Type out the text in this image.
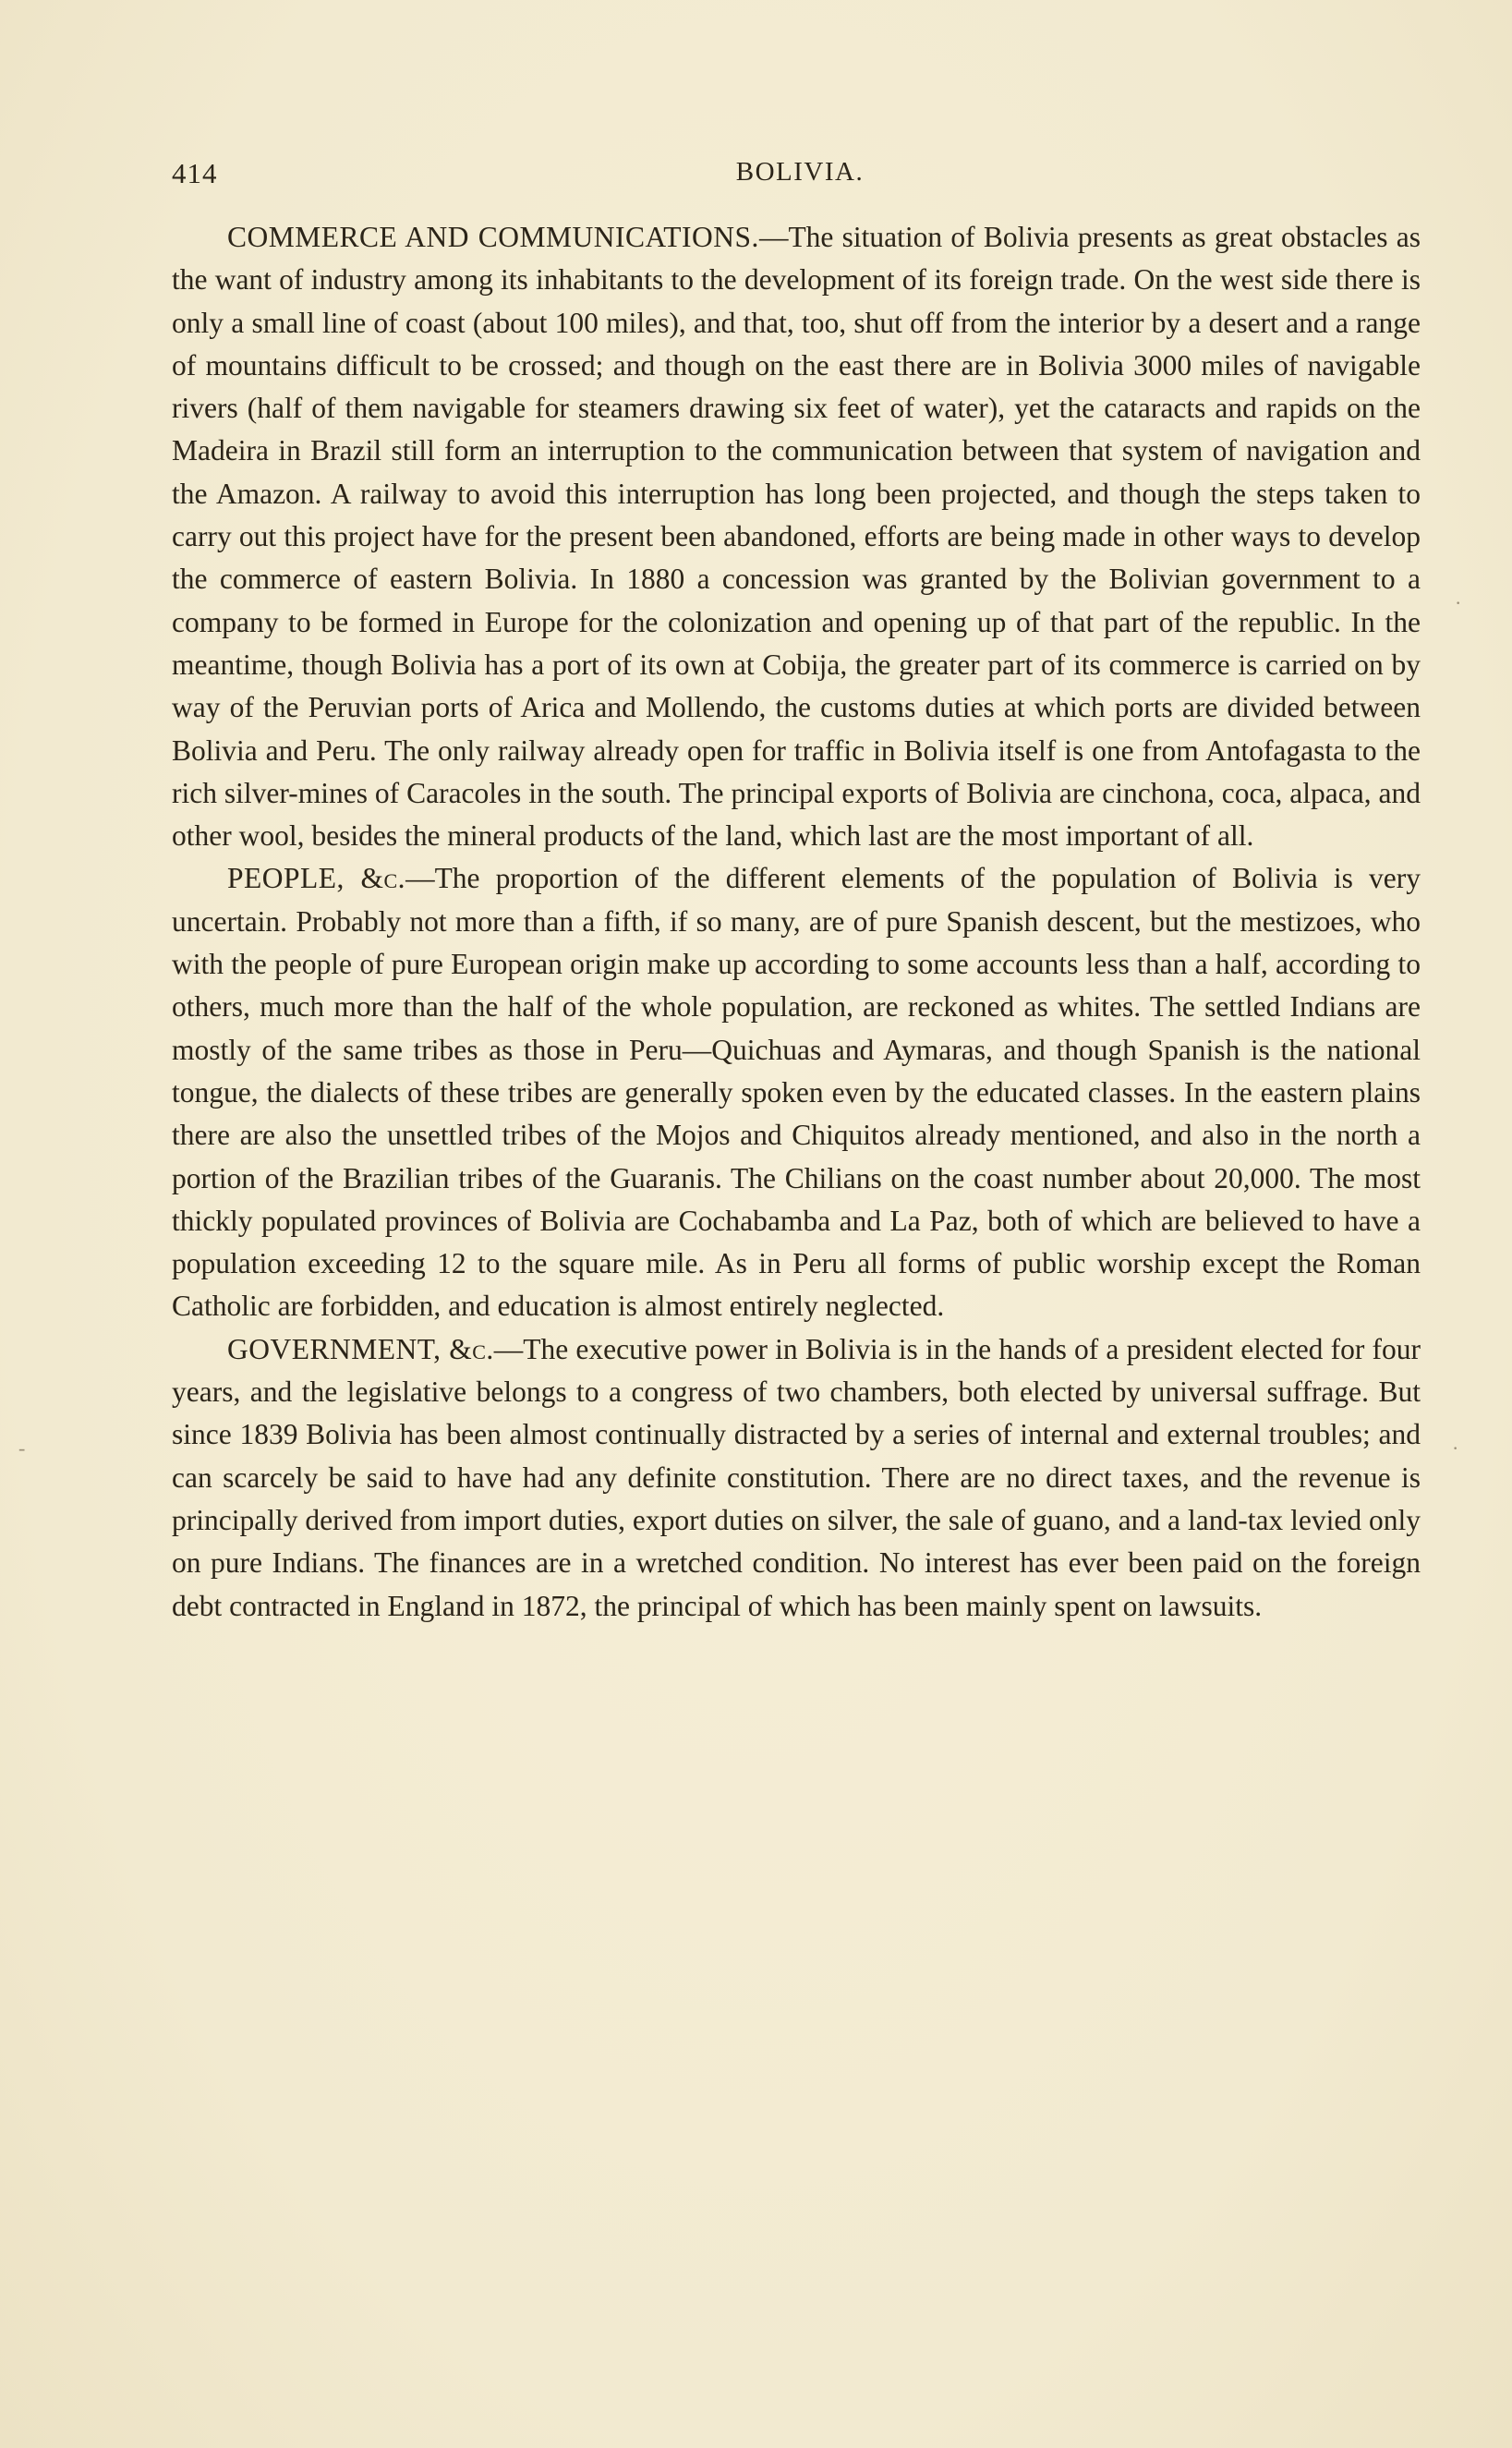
414	BOLIVIA.

COMMERCE AND COMMUNICATIONS.—The situation of Bolivia presents as great obstacles as the want of industry among its inhabitants to the development of its foreign trade. On the west side there is only a small line of coast (about 100 miles), and that, too, shut off from the interior by a desert and a range of mountains difficult to be crossed; and though on the east there are in Bolivia 3000 miles of navigable rivers (half of them navigable for steamers drawing six feet of water), yet the cataracts and rapids on the Madeira in Brazil still form an interruption to the communication between that system of navigation and the Amazon. A railway to avoid this interruption has long been projected, and though the steps taken to carry out this project have for the present been abandoned, efforts are being made in other ways to develop the commerce of eastern Bolivia. In 1880 a concession was granted by the Bolivian government to a company to be formed in Europe for the colonization and opening up of that part of the republic. In the meantime, though Bolivia has a port of its own at Cobija, the greater part of its commerce is carried on by way of the Peruvian ports of Arica and Mollendo, the customs duties at which ports are divided between Bolivia and Peru. The only railway already open for traffic in Bolivia itself is one from Antofagasta to the rich silver-mines of Caracoles in the south. The principal exports of Bolivia are cinchona, coca, alpaca, and other wool, besides the mineral products of the land, which last are the most important of all.

PEOPLE, &c.—The proportion of the different elements of the population of Bolivia is very uncertain. Probably not more than a fifth, if so many, are of pure Spanish descent, but the mestizoes, who with the people of pure European origin make up according to some accounts less than a half, according to others, much more than the half of the whole population, are reckoned as whites. The settled Indians are mostly of the same tribes as those in Peru—Quichuas and Aymaras, and though Spanish is the national tongue, the dialects of these tribes are generally spoken even by the educated classes. In the eastern plains there are also the unsettled tribes of the Mojos and Chiquitos already mentioned, and also in the north a portion of the Brazilian tribes of the Guaranis. The Chilians on the coast number about 20,000. The most thickly populated provinces of Bolivia are Cochabamba and La Paz, both of which are believed to have a population exceeding 12 to the square mile. As in Peru all forms of public worship except the Roman Catholic are forbidden, and education is almost entirely neglected.

GOVERNMENT, &c.—The executive power in Bolivia is in the hands of a president elected for four years, and the legislative belongs to a congress of two chambers, both elected by universal suffrage. But since 1839 Bolivia has been almost continually distracted by a series of internal and external troubles; and can scarcely be said to have had any definite constitution. There are no direct taxes, and the revenue is principally derived from import duties, export duties on silver, the sale of guano, and a land-tax levied only on pure Indians. The finances are in a wretched condition. No interest has ever been paid on the foreign debt contracted in England in 1872, the principal of which has been mainly spent on lawsuits.

·
·
-
